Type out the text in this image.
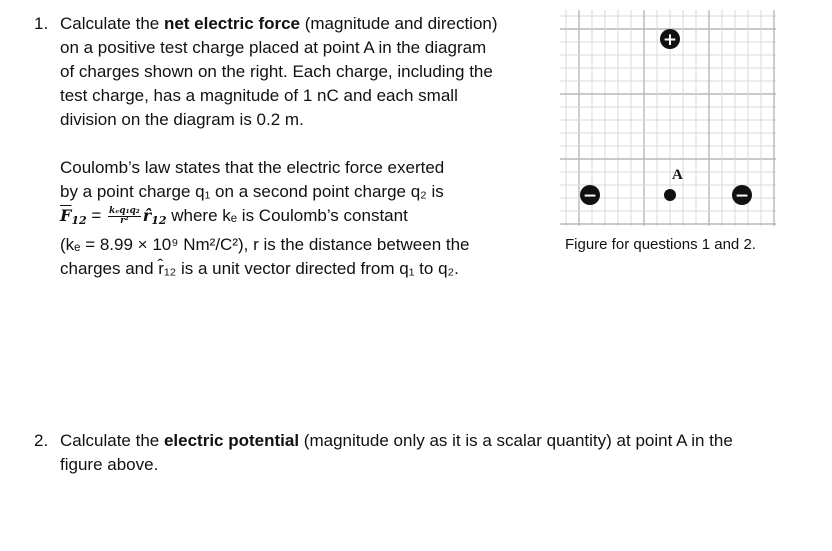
1. Calculate the net electric force (magnitude and direction)

on a positive test charge placed at point A in the diagram

of charges shown on the right. Each charge, including the

test charge, has a magnitude of 1 nC and each small

division on the diagram is 0.2 m.

Coulomb’s law states that the electric force exerted

by a point charge q₁ on a second point charge q₂ is

$\overline{F}12 = \frac{\text{kₑq₁q₂}}{\text{r²}}$ r̂12 where kₑ is Coulomb’s constant

(kₑ = 8.99 × 10⁹ Nm²/C²), r is the distance between the

charges and r̂₁₂ is a unit vector directed from q₁ to q₂.

+
−	−
A
Figure for questions 1 and 2.
2. Calculate the electric potential (magnitude only as it is a scalar quantity) at point A in the

figure above.
